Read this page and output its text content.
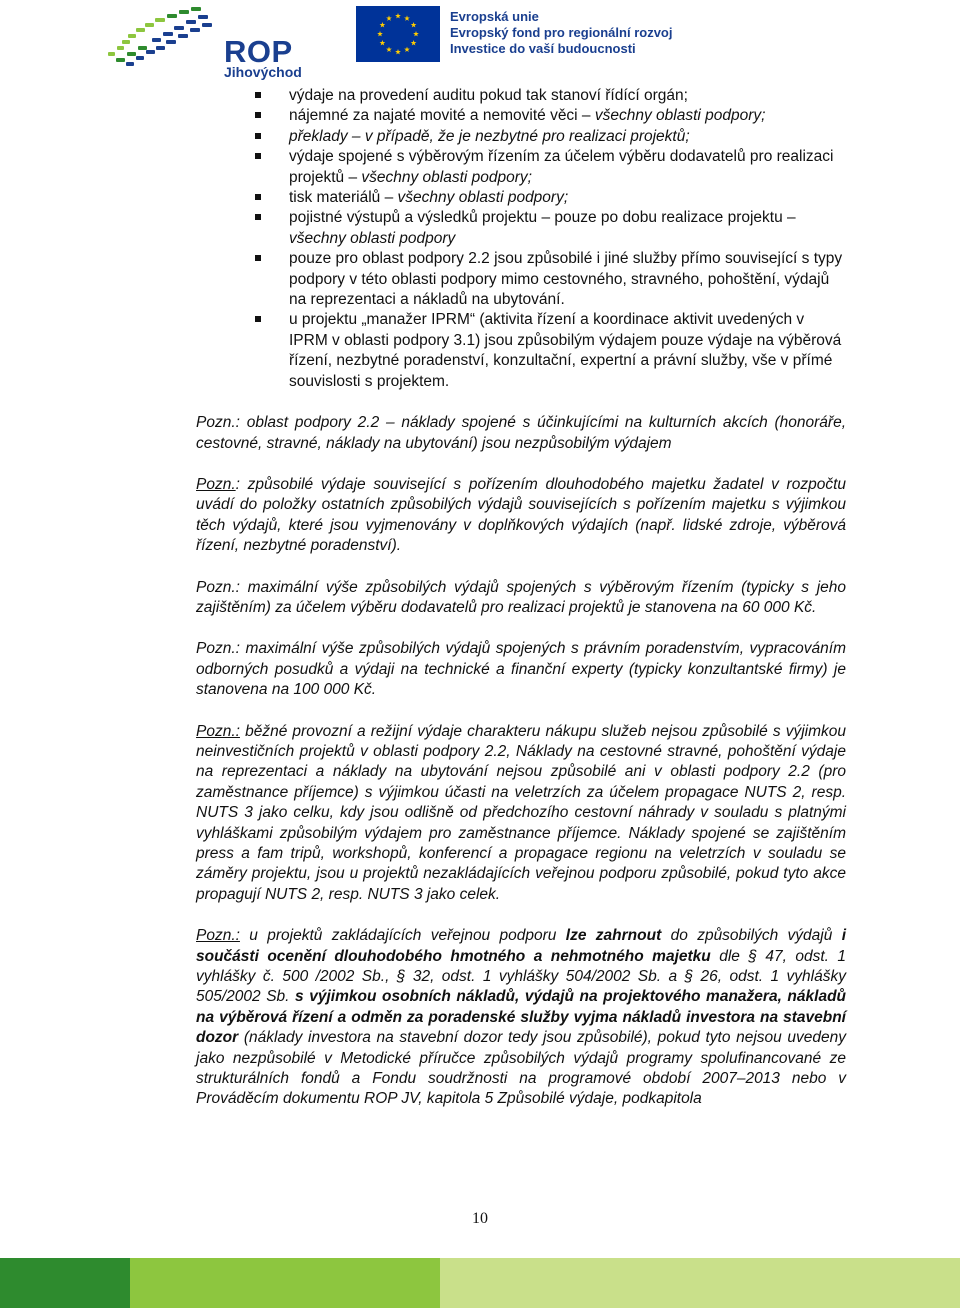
ROP
Jihovýchod
Evropská unie
Evropský fond pro regionální rozvoj
Investice do vaší budoucnosti
výdaje na provedení auditu pokud tak stanoví řídící orgán;
nájemné za najaté movité a nemovité věci – všechny oblasti podpory;
překlady – v případě, že je nezbytné pro realizaci projektů;
výdaje spojené s výběrovým řízením za účelem výběru dodavatelů pro realizaci projektů – všechny oblasti podpory;
tisk materiálů – všechny oblasti podpory;
pojistné výstupů a výsledků projektu – pouze po dobu realizace projektu – všechny oblasti podpory
pouze pro oblast podpory 2.2 jsou způsobilé i jiné služby přímo související s typy podpory v této oblasti podpory mimo cestovného, stravného, pohoštění, výdajů na reprezentaci a nákladů na ubytování.
u projektu „manažer IPRM“ (aktivita řízení a koordinace aktivit uvedených v IPRM v oblasti podpory 3.1) jsou způsobilým výdajem pouze výdaje na výběrová řízení, nezbytné poradenství, konzultační, expertní a právní služby, vše v přímé souvislosti s projektem.

Pozn.: oblast podpory 2.2 – náklady spojené s účinkujícími na kulturních akcích (honoráře, cestovné, stravné, náklady na ubytování) jsou nezpůsobilým výdajem

Pozn.: způsobilé výdaje související s pořízením dlouhodobého majetku žadatel v rozpočtu uvádí do položky ostatních způsobilých výdajů souvisejících s pořízením majetku s výjimkou těch výdajů, které jsou vyjmenovány v doplňkových výdajích (např. lidské zdroje, výběrová řízení, nezbytné poradenství).

Pozn.: maximální výše způsobilých výdajů spojených s výběrovým řízením (typicky s jeho zajištěním) za účelem výběru dodavatelů pro realizaci projektů je stanovena na 60 000 Kč.

Pozn.: maximální výše způsobilých výdajů spojených s právním poradenstvím, vypracováním odborných posudků a výdaji na technické a finanční experty (typicky konzultantské firmy) je stanovena na 100 000 Kč.

Pozn.: běžné provozní a režijní výdaje charakteru nákupu služeb nejsou způsobilé s výjimkou neinvestičních projektů v oblasti podpory 2.2, Náklady na cestovné stravné, pohoštění výdaje na reprezentaci a náklady na ubytování nejsou způsobilé ani v oblasti podpory 2.2 (pro zaměstnance příjemce) s výjimkou účasti na veletrzích za účelem propagace NUTS 2, resp. NUTS 3 jako celku, kdy jsou odlišně od předchozího cestovní náhrady v souladu s platnými vyhláškami způsobilým výdajem pro zaměstnance příjemce. Náklady spojené se zajištěním press a fam tripů, workshopů, konferencí a propagace regionu na veletrzích v souladu se záměry projektu, jsou u projektů nezakládajících veřejnou podporu způsobilé, pokud tyto akce propagují NUTS 2, resp. NUTS 3 jako celek.

Pozn.: u projektů zakládajících veřejnou podporu lze zahrnout do způsobilých výdajů i součásti ocenění dlouhodobého hmotného a nehmotného majetku dle § 47, odst. 1 vyhlášky č. 500 /2002 Sb., § 32, odst. 1 vyhlášky 504/2002 Sb. a § 26, odst. 1 vyhlášky 505/2002 Sb. s výjimkou osobních nákladů, výdajů na projektového manažera, nákladů na výběrová řízení a odměn za poradenské služby vyjma nákladů investora na stavební dozor (náklady investora na stavební dozor tedy jsou způsobilé), pokud tyto nejsou uvedeny jako nezpůsobilé v Metodické příručce způsobilých výdajů programy spolufinancované ze strukturálních fondů a Fondu soudržnosti na programové období 2007–2013 nebo v Prováděcím dokumentu ROP JV, kapitola 5 Způsobilé výdaje, podkapitola

10
